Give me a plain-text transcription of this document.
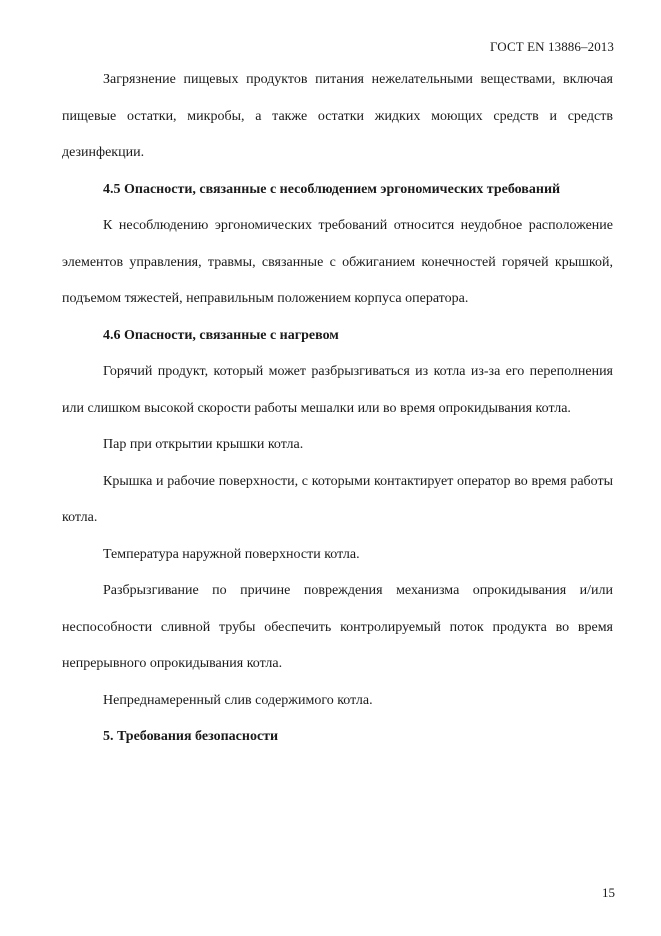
ГОСТ EN 13886–2013

Загрязнение пищевых продуктов питания нежелательными веществами, включая пищевые остатки, микробы, а также остатки жидких моющих средств и средств дезинфекции.

4.5 Опасности, связанные с несоблюдением эргономических требований

К несоблюдению эргономических требований относится неудобное расположение элементов управления, травмы, связанные с обжиганием конечностей горячей крышкой, подъемом тяжестей, неправильным положением корпуса оператора.

4.6 Опасности, связанные с нагревом

Горячий продукт, который может разбрызгиваться из котла из-за его переполнения или слишком высокой скорости работы мешалки или во время опрокидывания котла.

Пар при открытии крышки котла.

Крышка и рабочие поверхности, с которыми контактирует оператор во время работы котла.

Температура наружной поверхности котла.

Разбрызгивание по причине повреждения механизма опрокидывания и/или неспособности сливной трубы обеспечить контролируемый поток продукта во время непрерывного опрокидывания котла.

Непреднамеренный слив содержимого котла.

5. Требования безопасности

15
